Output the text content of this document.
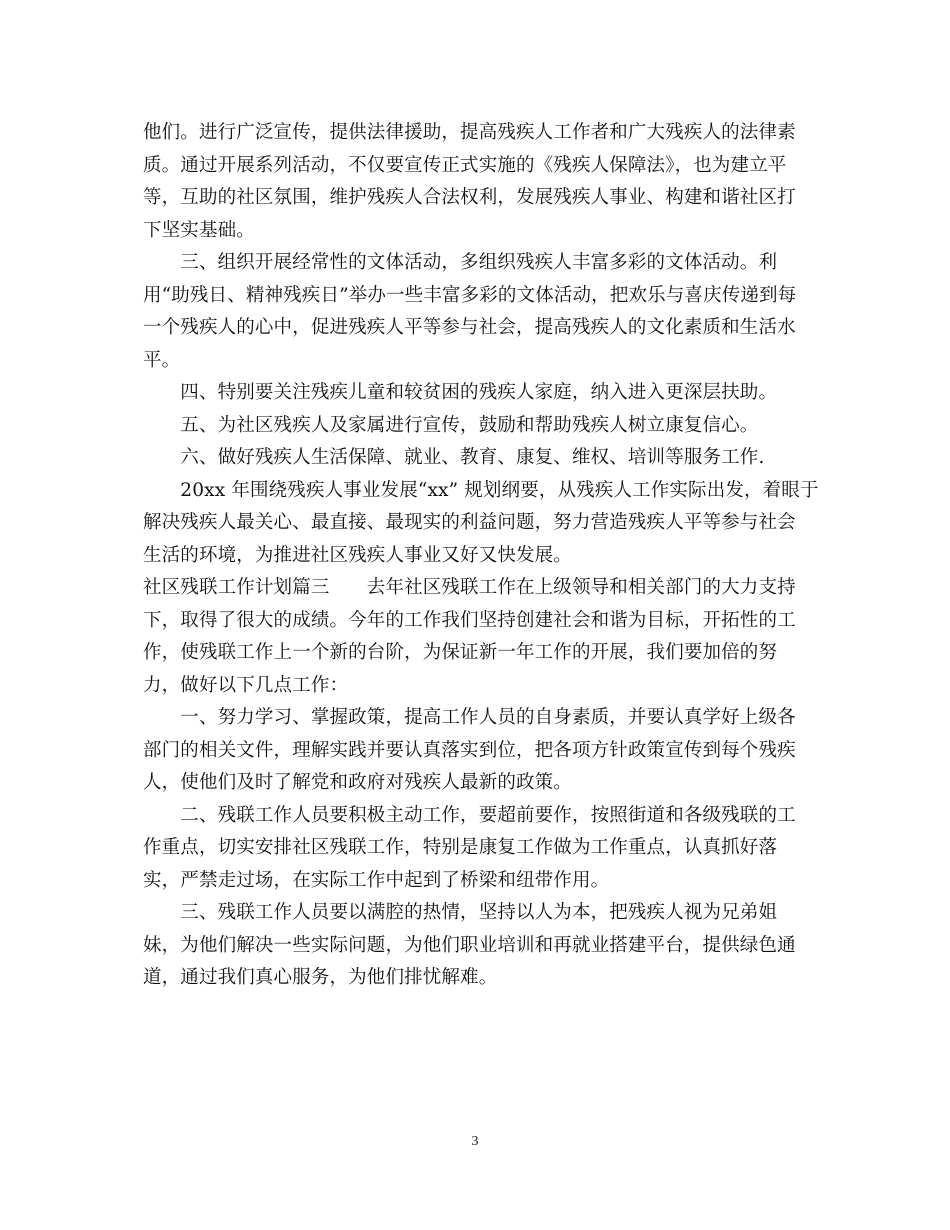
他们。进行广泛宣传，提供法律援助，提高残疾人工作者和广大残疾人的法律素
质。通过开展系列活动，不仅要宣传正式实施的《残疾人保障法》，也为建立平
等，互助的社区氛围，维护残疾人合法权利，发展残疾人事业、构建和谐社区打
下坚实基础。
　　三、组织开展经常性的文体活动，多组织残疾人丰富多彩的文体活动。利
用“助残日、精神残疾日”举办一些丰富多彩的文体活动，把欢乐与喜庆传递到每
一个残疾人的心中，促进残疾人平等参与社会，提高残疾人的文化素质和生活水
平。
　　四、特别要关注残疾儿童和较贫困的残疾人家庭，纳入进入更深层扶助。
　　五、为社区残疾人及家属进行宣传，鼓励和帮助残疾人树立康复信心。
　　六、做好残疾人生活保障、就业、教育、康复、维权、培训等服务工作.
　　20xx 年围绕残疾人事业发展“xx” 规划纲要，从残疾人工作实际出发，着眼于
解决残疾人最关心、最直接、最现实的利益问题，努力营造残疾人平等参与社会
生活的环境，为推进社区残疾人事业又好又快发展。
社区残联工作计划篇三　　去年社区残联工作在上级领导和相关部门的大力支持
下，取得了很大的成绩。今年的工作我们坚持创建社会和谐为目标，开拓性的工
作，使残联工作上一个新的台阶，为保证新一年工作的开展，我们要加倍的努
力，做好以下几点工作：
　　一、努力学习、掌握政策，提高工作人员的自身素质，并要认真学好上级各
部门的相关文件，理解实践并要认真落实到位，把各项方针政策宣传到每个残疾
人，使他们及时了解党和政府对残疾人最新的政策。
　　二、残联工作人员要积极主动工作，要超前要作，按照街道和各级残联的工
作重点，切实安排社区残联工作，特别是康复工作做为工作重点，认真抓好落
实，严禁走过场，在实际工作中起到了桥梁和纽带作用。
　　三、残联工作人员要以满腔的热情，坚持以人为本，把残疾人视为兄弟姐
妹，为他们解决一些实际问题，为他们职业培训和再就业搭建平台，提供绿色通
道，通过我们真心服务，为他们排忧解难。
3
